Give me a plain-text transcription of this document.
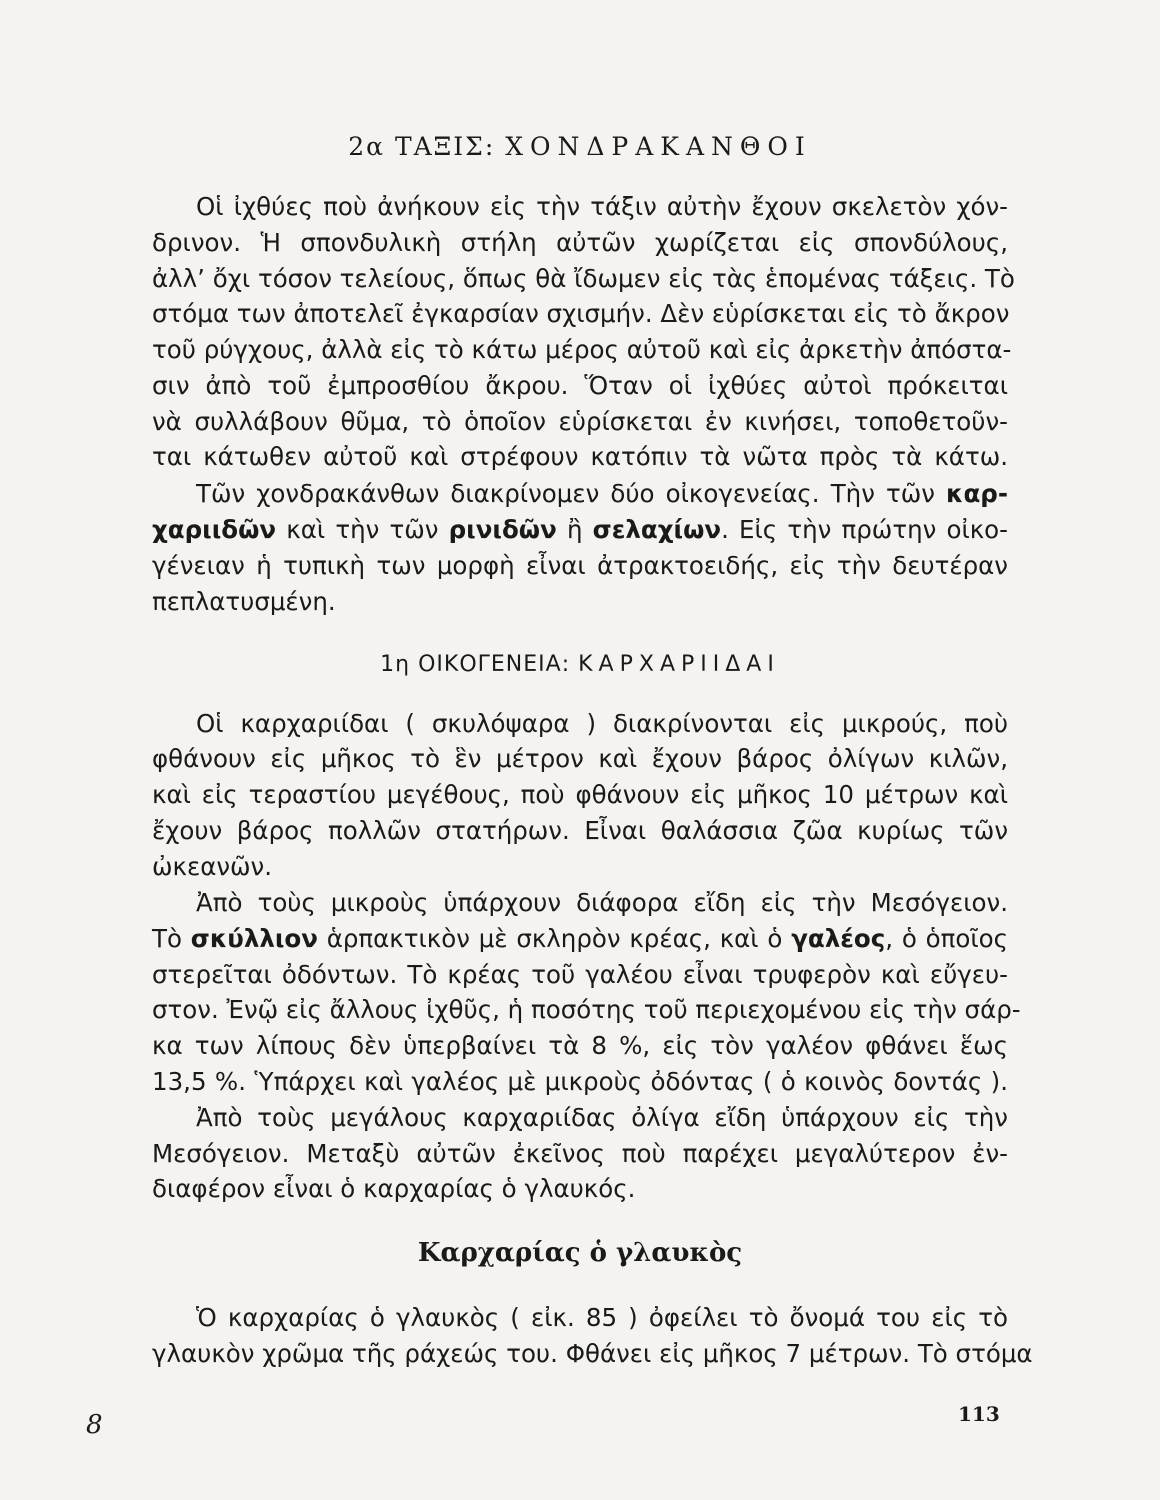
2α ΤΑΞΙΣ: ΧΟΝΔΡΑΚΑΝΘΟΙ
Οἱ ἰχθύες ποὺ ἀνήκουν εἰς τὴν τάξιν αὐτὴν ἔχουν σκελετὸν χόν-
δρινον. Ἡ σπονδυλικὴ στήλη αὐτῶν χωρίζεται εἰς σπονδύλους,
ἀλλ’ ὄχι τόσον τελείους, ὅπως θὰ ἴδωμεν εἰς τὰς ἑπομένας τάξεις. Τὸ
στόμα των ἀποτελεῖ ἐγκαρσίαν σχισμήν. Δὲν εὑρίσκεται εἰς τὸ ἄκρον
τοῦ ρύγχους, ἀλλὰ εἰς τὸ κάτω μέρος αὐτοῦ καὶ εἰς ἀρκετὴν ἀπόστα-
σιν ἀπὸ τοῦ ἐμπροσθίου ἄκρου. Ὅταν οἱ ἰχθύες αὐτοὶ πρόκειται
νὰ συλλάβουν θῦμα, τὸ ὁποῖον εὑρίσκεται ἐν κινήσει, τοποθετοῦν-
ται κάτωθεν αὐτοῦ καὶ στρέφουν κατόπιν τὰ νῶτα πρὸς τὰ κάτω.
Τῶν χονδρακάνθων διακρίνομεν δύο οἰκογενείας. Τὴν τῶν καρ-
χαριιδῶν καὶ τὴν τῶν ρινιδῶν ἢ σελαχίων. Εἰς τὴν πρώτην οἰκο-
γένειαν ἡ τυπικὴ των μορφὴ εἶναι ἀτρακτοειδής, εἰς τὴν δευτέραν
πεπλατυσμένη.
1η ΟΙΚΟΓΕΝΕΙΑ: ΚΑΡΧΑΡΙΙΔΑΙ
Οἱ καρχαριίδαι ( σκυλόψαρα ) διακρίνονται εἰς μικρούς, ποὺ
φθάνουν εἰς μῆκος τὸ ἓν μέτρον καὶ ἔχουν βάρος ὀλίγων κιλῶν,
καὶ εἰς τεραστίου μεγέθους, ποὺ φθάνουν εἰς μῆκος 10 μέτρων καὶ
ἔχουν βάρος πολλῶν στατήρων. Εἶναι θαλάσσια ζῶα κυρίως τῶν
ὠκεανῶν.
Ἀπὸ τοὺς μικροὺς ὑπάρχουν διάφορα εἴδη εἰς τὴν Μεσόγειον.
Τὸ σκύλλιον ἁρπακτικὸν μὲ σκληρὸν κρέας, καὶ ὁ γαλέος, ὁ ὁποῖος
στερεῖται ὀδόντων. Τὸ κρέας τοῦ γαλέου εἶναι τρυφερὸν καὶ εὔγευ-
στον. Ἐνῷ εἰς ἄλλους ἰχθῦς, ἡ ποσότης τοῦ περιεχομένου εἰς τὴν σάρ-
κα των λίπους δὲν ὑπερβαίνει τὰ 8 %, εἰς τὸν γαλέον φθάνει ἕως
13,5 %. Ὑπάρχει καὶ γαλέος μὲ μικροὺς ὀδόντας ( ὁ κοινὸς δοντάς ).
Ἀπὸ τοὺς μεγάλους καρχαριίδας ὀλίγα εἴδη ὑπάρχουν εἰς τὴν
Μεσόγειον. Μεταξὺ αὐτῶν ἐκεῖνος ποὺ παρέχει μεγαλύτερον ἐν-
διαφέρον εἶναι ὁ καρχαρίας ὁ γλαυκός.
Καρχαρίας ὁ γλαυκὸς
Ὁ καρχαρίας ὁ γλαυκὸς ( εἰκ. 85 ) ὀφείλει τὸ ὄνομά του εἰς τὸ
γλαυκὸν χρῶμα τῆς ράχεώς του. Φθάνει εἰς μῆκος 7 μέτρων. Τὸ στόμα
8	113
